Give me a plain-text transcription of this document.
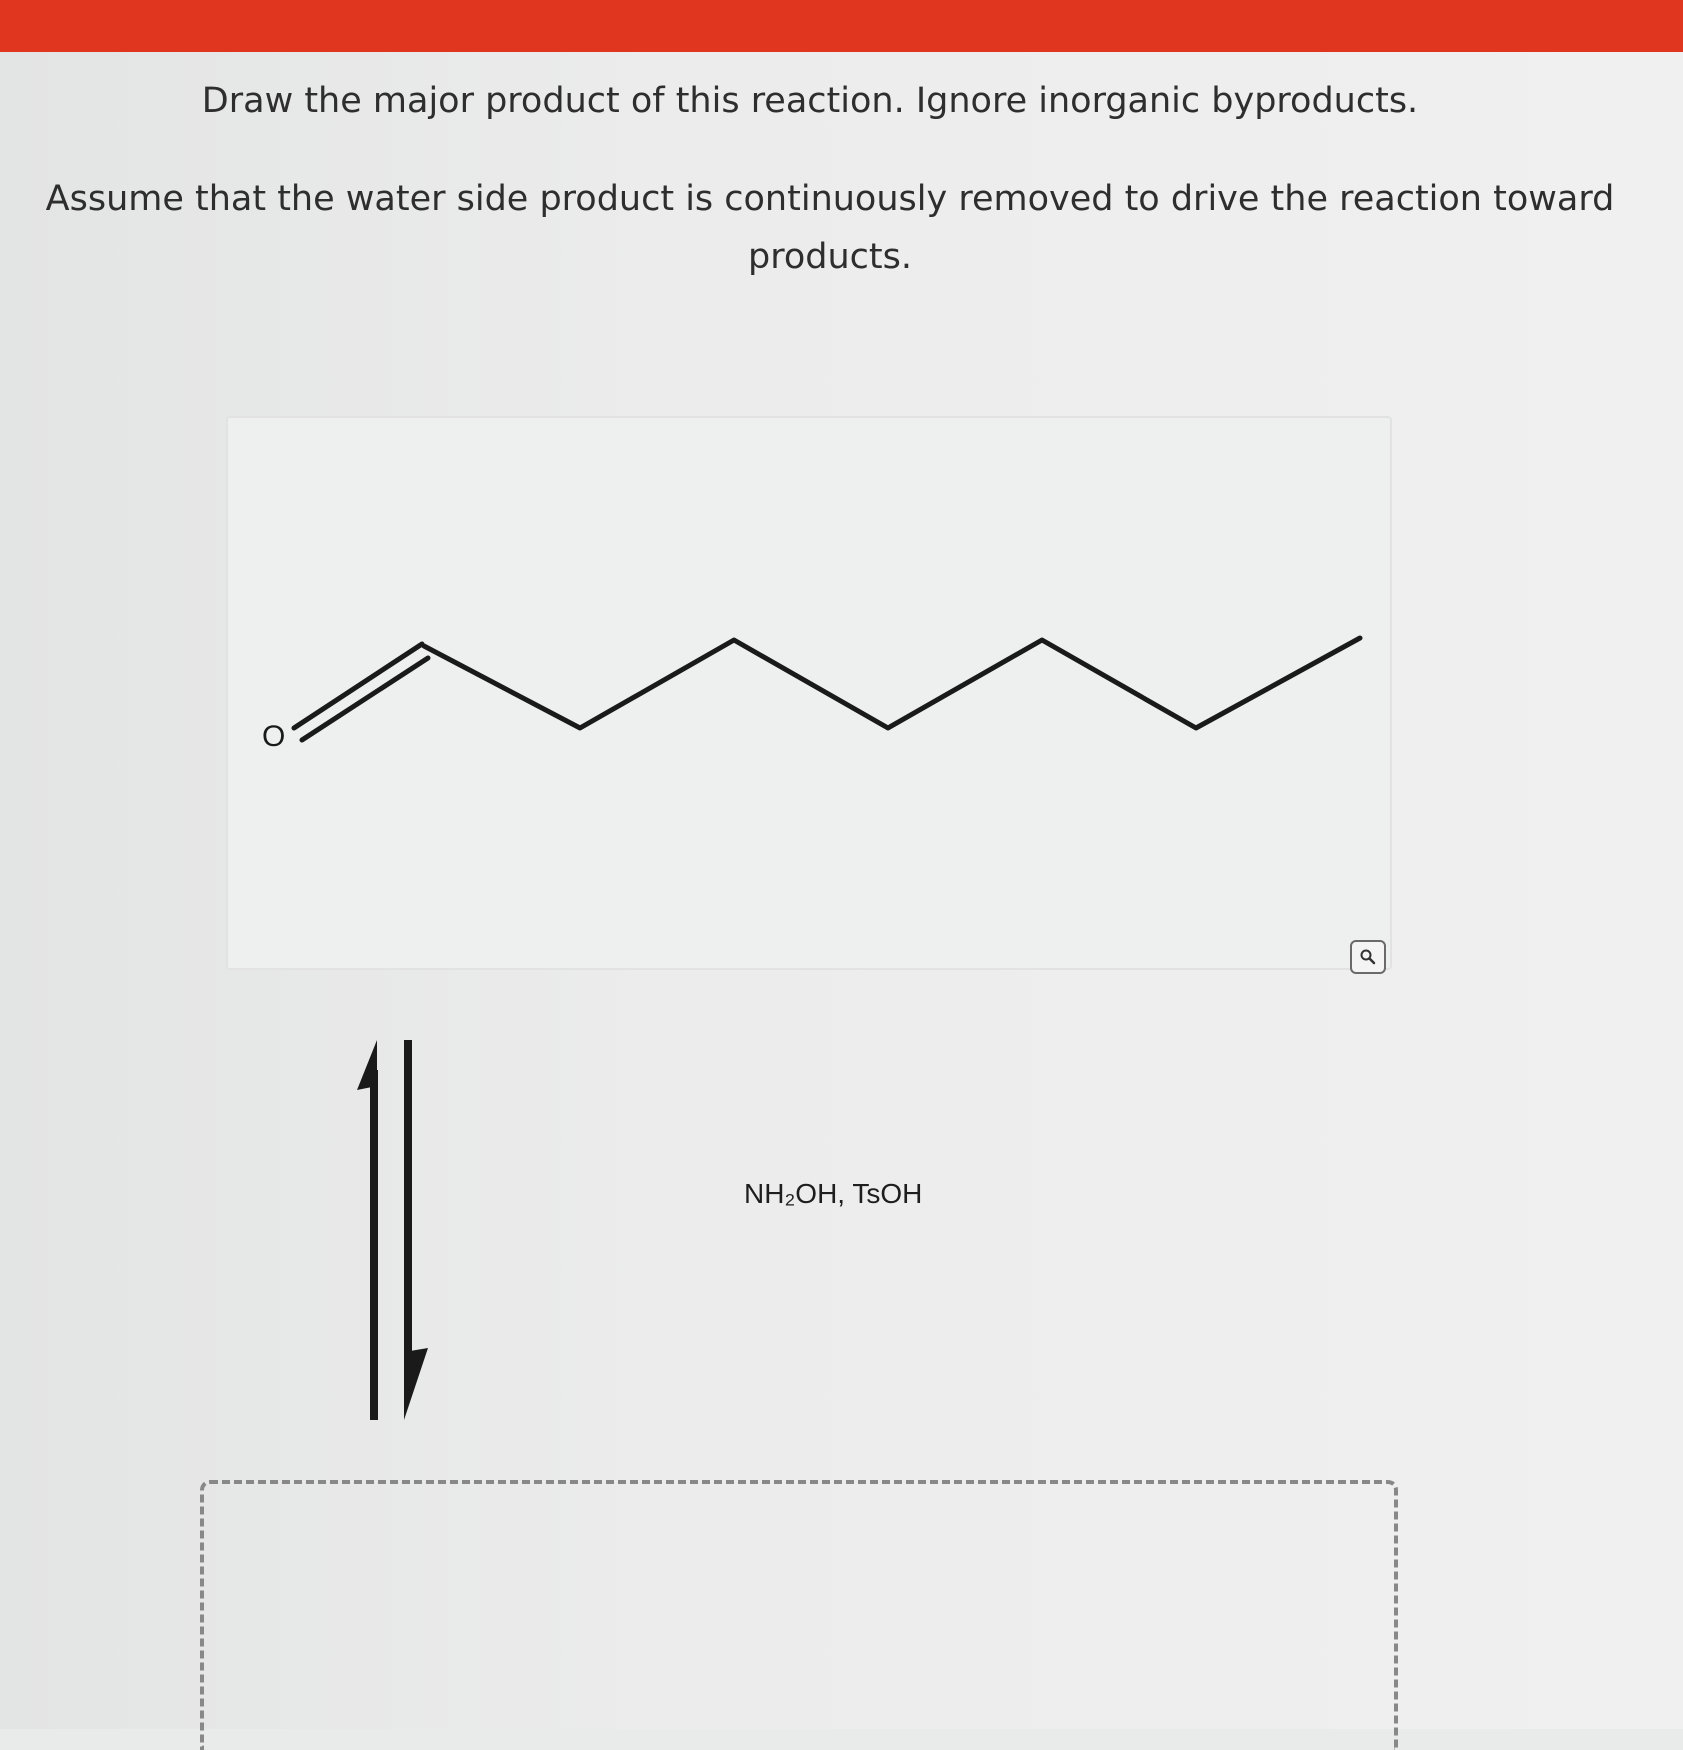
Draw the major product of this reaction. Ignore inorganic byproducts.
Assume that the water side product is continuously removed to drive the reaction toward products.
O
NH₂OH, TsOH
